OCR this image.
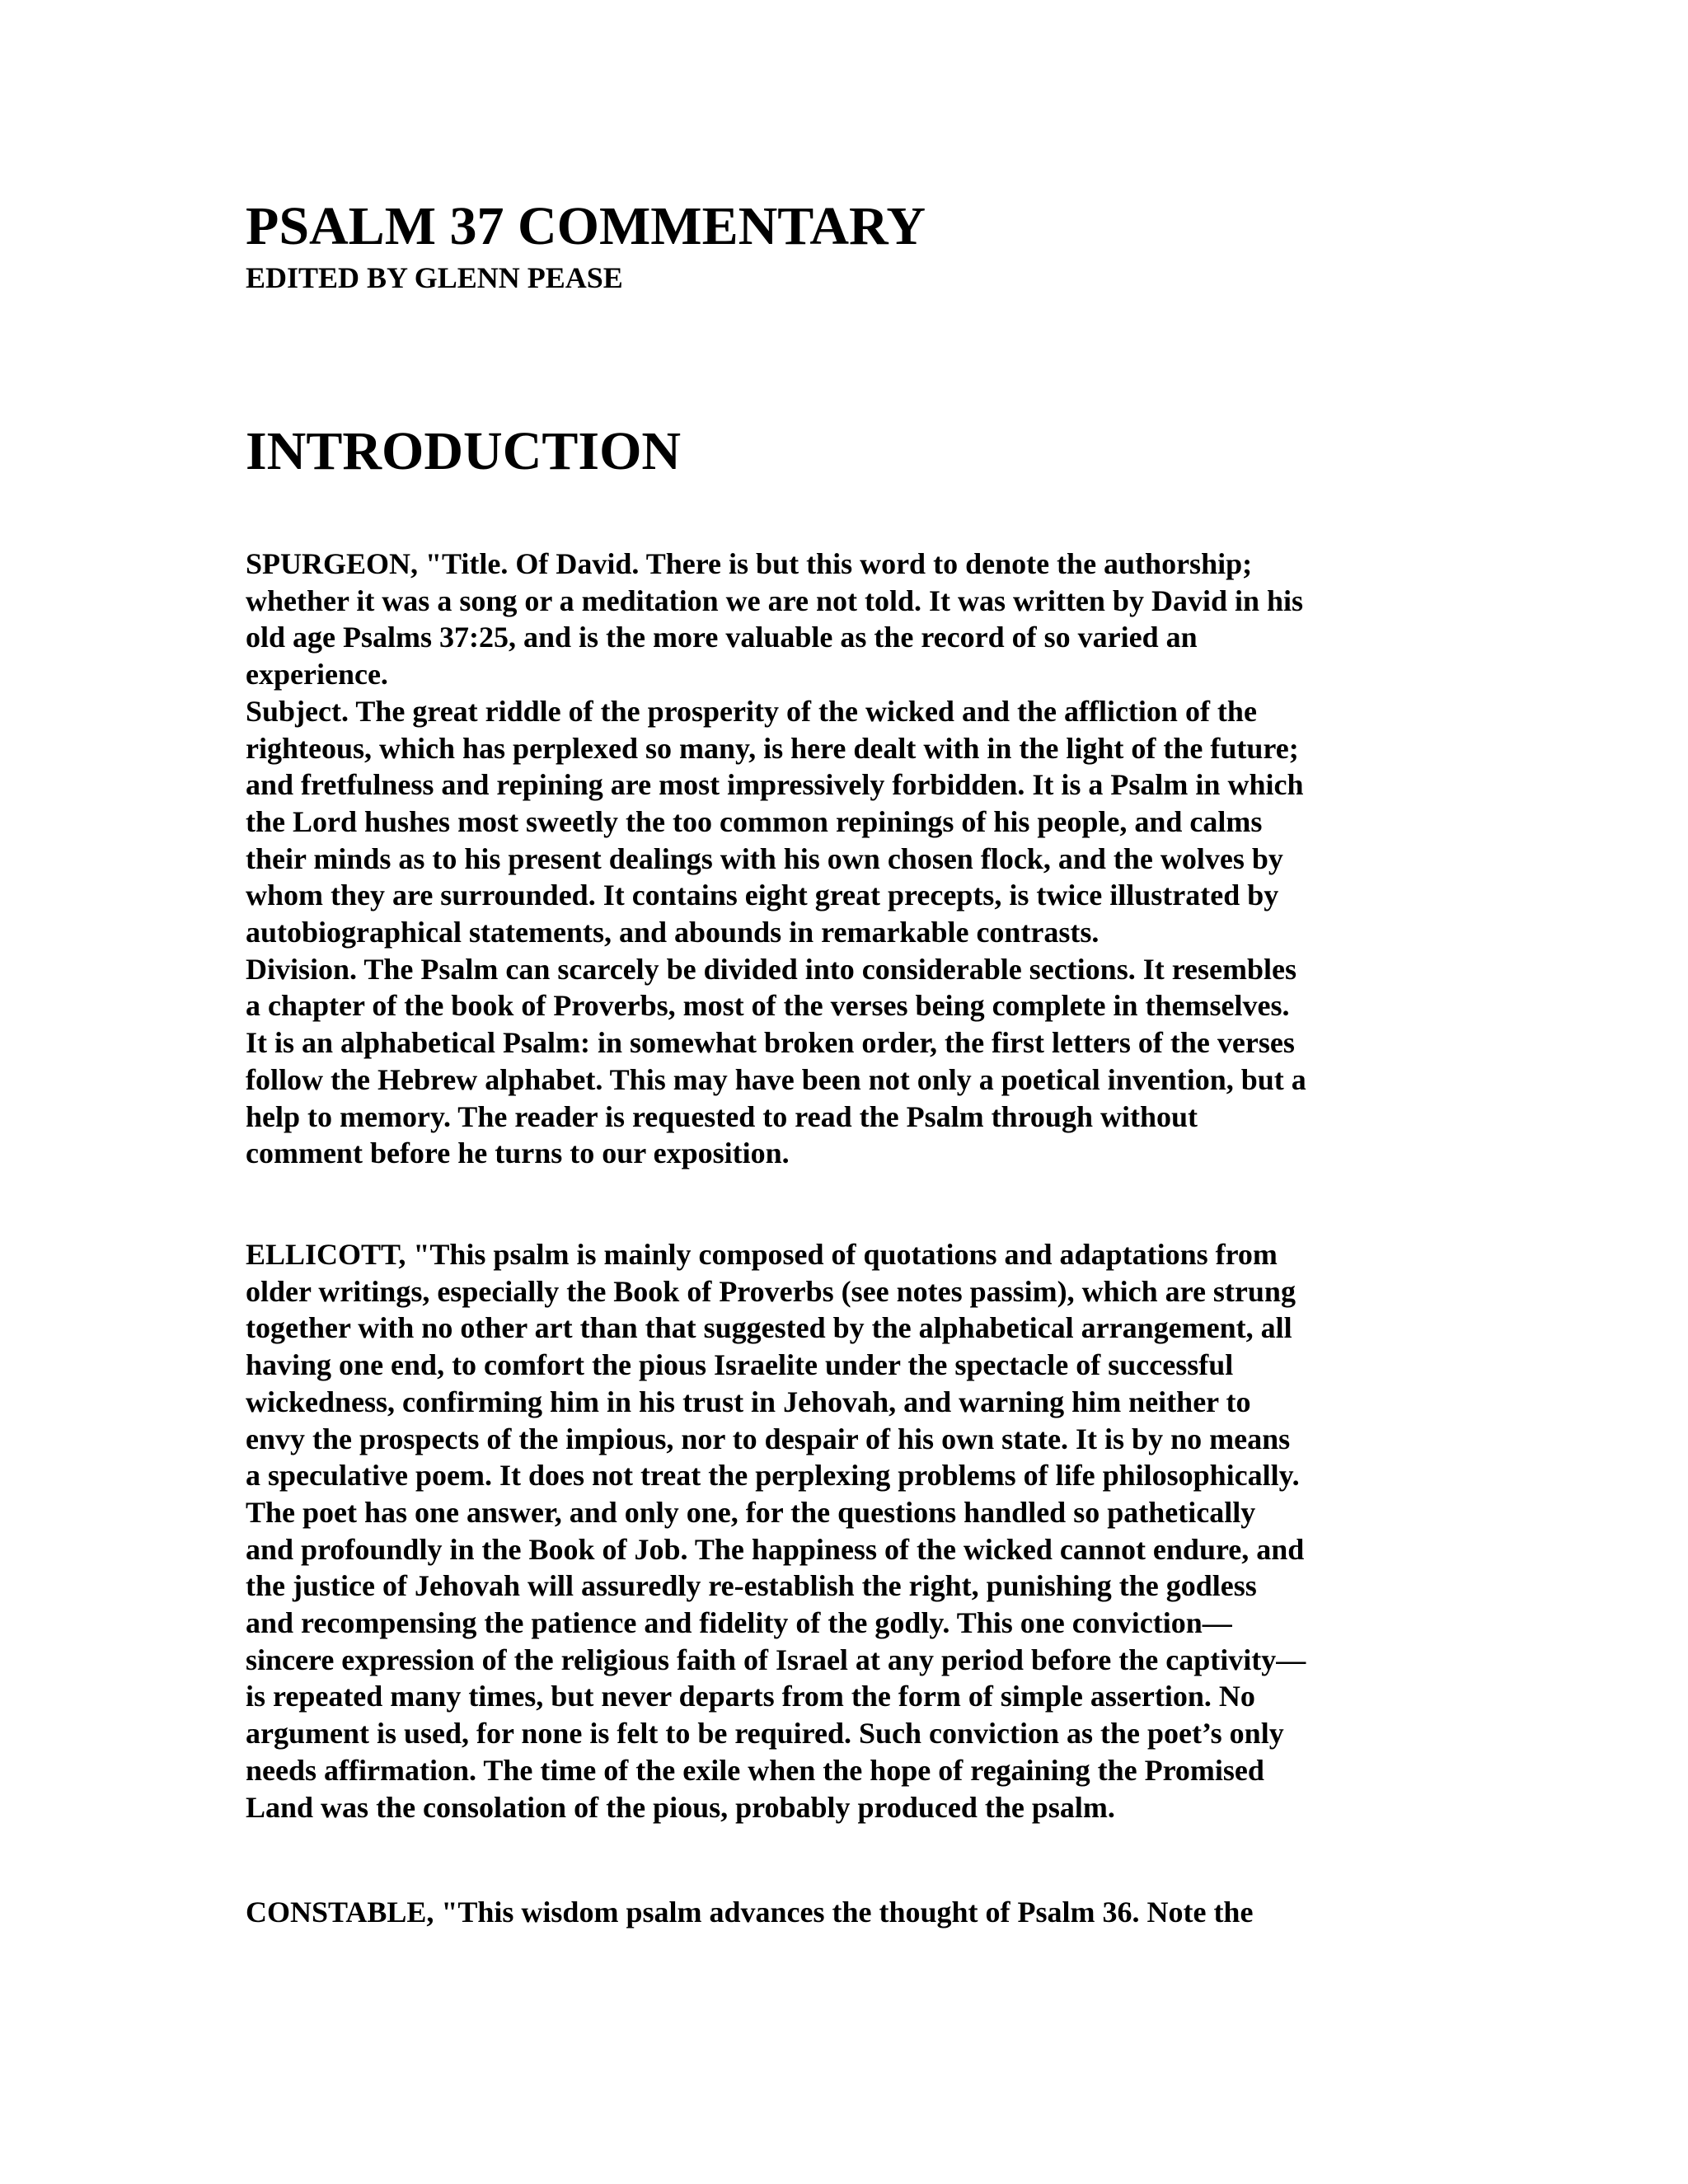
PSALM 37 COMMENTARY
EDITED BY GLENN PEASE
INTRODUCTION

SPURGEON, "Title. Of David. There is but this word to denote the authorship;
whether it was a song or a meditation we are not told. It was written by David in his
old age Psalms 37:25, and is the more valuable as the record of so varied an
experience.
Subject. The great riddle of the prosperity of the wicked and the affliction of the
righteous, which has perplexed so many, is here dealt with in the light of the future;
and fretfulness and repining are most impressively forbidden. It is a Psalm in which
the Lord hushes most sweetly the too common repinings of his people, and calms
their minds as to his present dealings with his own chosen flock, and the wolves by
whom they are surrounded. It contains eight great precepts, is twice illustrated by
autobiographical statements, and abounds in remarkable contrasts.
Division. The Psalm can scarcely be divided into considerable sections. It resembles
a chapter of the book of Proverbs, most of the verses being complete in themselves.
It is an alphabetical Psalm: in somewhat broken order, the first letters of the verses
follow the Hebrew alphabet. This may have been not only a poetical invention, but a
help to memory. The reader is requested to read the Psalm through without
comment before he turns to our exposition.

ELLICOTT, "This psalm is mainly composed of quotations and adaptations from
older writings, especially the Book of Proverbs (see notes passim), which are strung
together with no other art than that suggested by the alphabetical arrangement, all
having one end, to comfort the pious Israelite under the spectacle of successful
wickedness, confirming him in his trust in Jehovah, and warning him neither to
envy the prospects of the impious, nor to despair of his own state. It is by no means
a speculative poem. It does not treat the perplexing problems of life philosophically.
The poet has one answer, and only one, for the questions handled so pathetically
and profoundly in the Book of Job. The happiness of the wicked cannot endure, and
the justice of Jehovah will assuredly re-establish the right, punishing the godless
and recompensing the patience and fidelity of the godly. This one conviction—
sincere expression of the religious faith of Israel at any period before the captivity—
is repeated many times, but never departs from the form of simple assertion. No
argument is used, for none is felt to be required. Such conviction as the poet’s only
needs affirmation. The time of the exile when the hope of regaining the Promised
Land was the consolation of the pious, probably produced the psalm.

CONSTABLE, "This wisdom psalm advances the thought of Psalm 36. Note the
